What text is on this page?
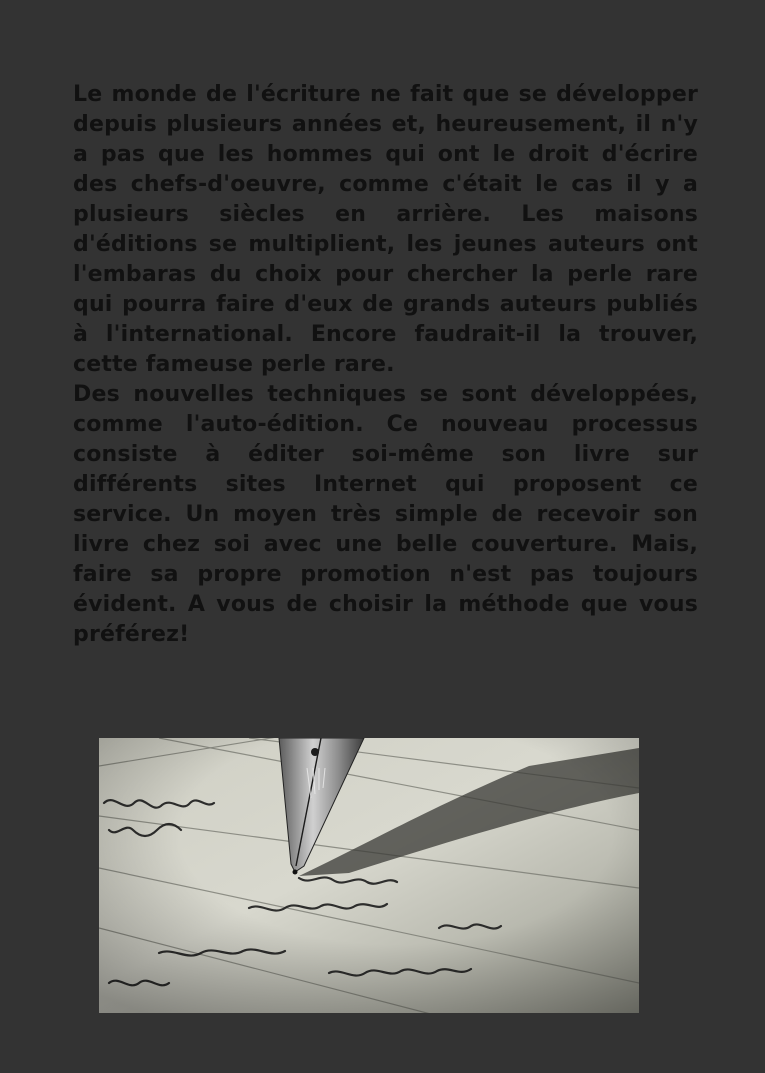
Le monde de l'écriture ne fait que se développer depuis plusieurs années et, heureusement, il n'y a pas que les hommes qui ont le droit d'écrire des chefs-d'oeuvre, comme c'était le cas il y a plusieurs siècles en arrière. Les maisons d'éditions se multiplient, les jeunes auteurs ont l'embaras du choix pour chercher la perle rare qui pourra faire d'eux de grands auteurs publiés à l'international. Encore faudrait-il la trouver, cette fameuse perle rare.

Des nouvelles techniques se sont développées, comme l'auto-édition. Ce nouveau processus consiste à éditer soi-même son livre sur différents sites Internet qui proposent ce service. Un moyen très simple de recevoir son livre chez soi avec une belle couverture. Mais, faire sa propre promotion n'est pas toujours évident. A vous de choisir la méthode que vous préférez!
